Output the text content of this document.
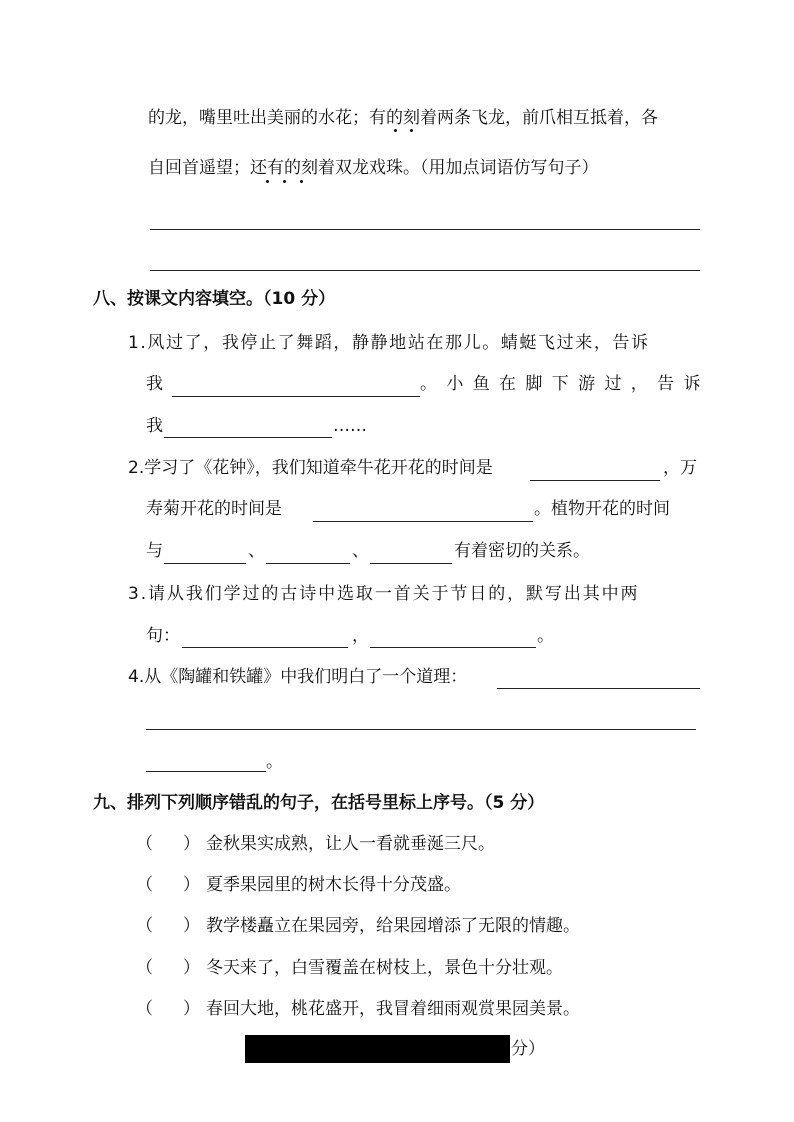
的龙，嘴里吐出美丽的水花；有的刻着两条飞龙，前爪相互抵着，各
自回首遥望；还有的刻着双龙戏珠。（用加点词语仿写句子）
八、按课文内容填空。（10 分）
1.风过了，我停止了舞蹈，静静地站在那儿。蜻蜓飞过来，告诉
我	。小鱼在脚下游过，告诉
我	……
2.学习了《花钟》，我们知道牵牛花开花的时间是	，万
寿菊开花的时间是	。植物开花的时间
与	、	、	有着密切的关系。
3.请从我们学过的古诗中选取一首关于节日的，默写出其中两
句：	，	。
4.从《陶罐和铁罐》中我们明白了一个道理：
。
九、排列下列顺序错乱的句子，在括号里标上序号。（5 分）
（ ） 金秋果实成熟，让人一看就垂涎三尺。
（ ） 夏季果园里的树木长得十分茂盛。
（ ） 教学楼矗立在果园旁，给果园增添了无限的情趣。
（ ） 冬天来了，白雪覆盖在树枝上，景色十分壮观。
（ ） 春回大地，桃花盛开，我冒着细雨观赏果园美景。
分）
